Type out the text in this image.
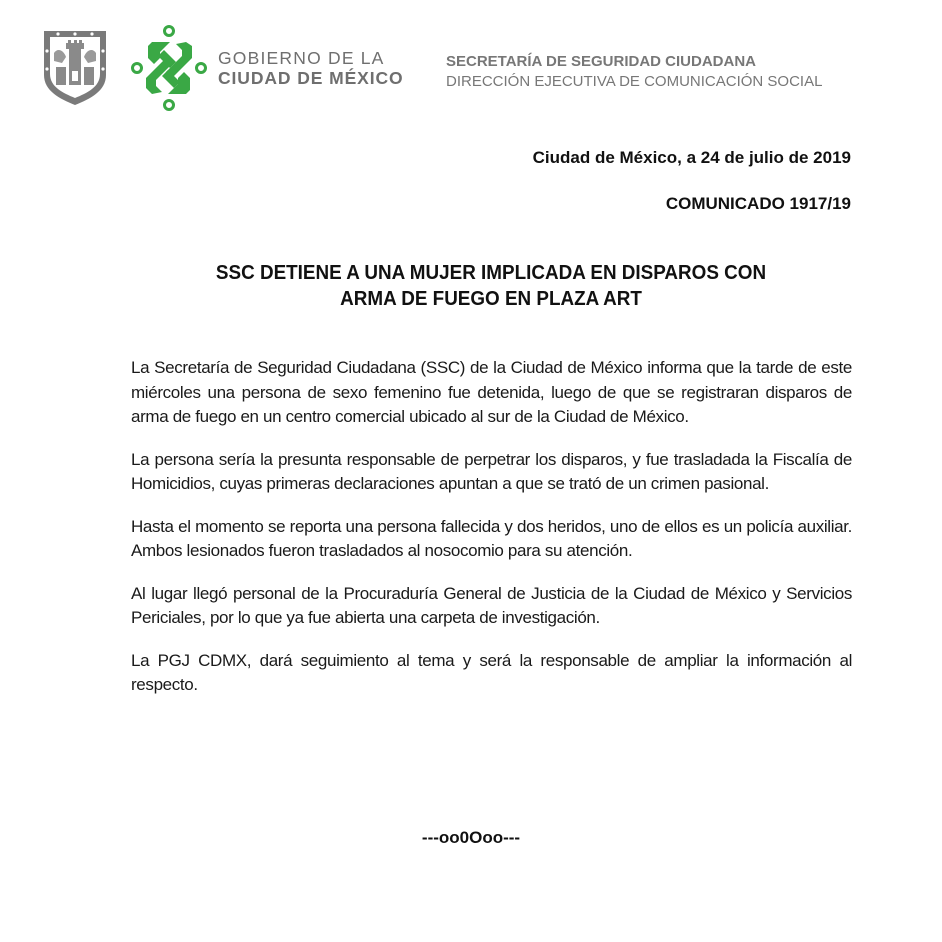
GOBIERNO DE LA
CIUDAD DE MÉXICO
SECRETARÍA DE SEGURIDAD CIUDADANA
DIRECCIÓN EJECUTIVA DE COMUNICACIÓN SOCIAL
Ciudad de México, a 24 de julio de 2019
COMUNICADO 1917/19
SSC DETIENE A UNA MUJER IMPLICADA EN DISPAROS CON
ARMA DE FUEGO EN PLAZA ART

La Secretaría de Seguridad Ciudadana (SSC) de la Ciudad de México informa que la tarde de este miércoles una persona de sexo femenino fue detenida, luego de que se registraran disparos de arma de fuego en un centro comercial ubicado al sur de la Ciudad de México.

La persona sería la presunta responsable de perpetrar los disparos, y fue trasladada la Fiscalía de Homicidios, cuyas primeras declaraciones apuntan a que se trató de un crimen pasional.

Hasta el momento se reporta una persona fallecida y dos heridos, uno de ellos es un policía auxiliar. Ambos lesionados fueron trasladados al nosocomio para su atención.

Al lugar llegó personal de la Procuraduría General de Justicia de la Ciudad de México y Servicios Periciales, por lo que ya fue abierta una carpeta de investigación.

La PGJ CDMX, dará seguimiento al tema y será la responsable de ampliar la información al respecto.

---oo0Ooo---
